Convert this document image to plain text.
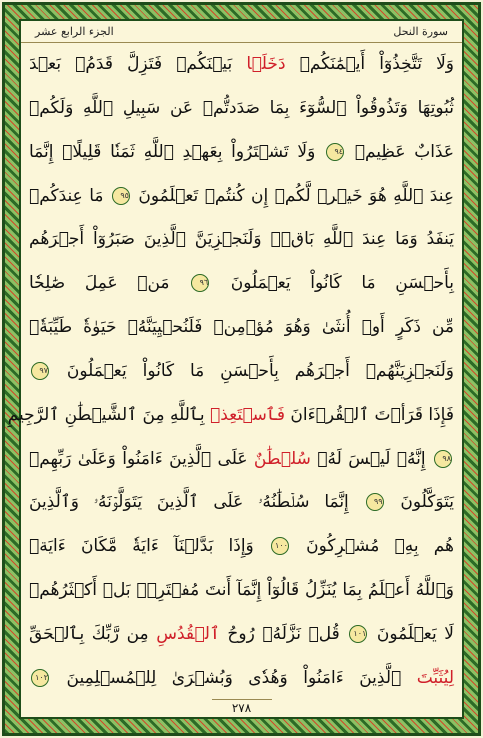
الجزء الرابع عشر	سورة النحل
وَلَا تَتَّخِذُوٓاْ أَيۡمَٰنَكُمۡ دَخَلَۢا بَيۡنَكُمۡ فَتَزِلَّ قَدَمُۢ بَعۡدَ
ثُبُوتِهَا وَتَذُوقُواْ ٱلسُّوٓءَ بِمَا صَدَدتُّمۡ عَن سَبِيلِ ٱللَّهِ وَلَكُمۡ
عَذَابٌ عَظِيمٞ ٩٤ وَلَا تَشۡتَرُواْ بِعَهۡدِ ٱللَّهِ ثَمَنٗا قَلِيلًاۚ إِنَّمَا
عِندَ ٱللَّهِ هُوَ خَيۡرٞ لَّكُمۡ إِن كُنتُمۡ تَعۡلَمُونَ ٩٥ مَا عِندَكُمۡ
يَنفَدُ وَمَا عِندَ ٱللَّهِ بَاقٖۗ وَلَنَجۡزِيَنَّ ٱلَّذِينَ صَبَرُوٓاْ أَجۡرَهُم
بِأَحۡسَنِ مَا كَانُواْ يَعۡمَلُونَ ٩٦ مَنۡ عَمِلَ صَٰلِحٗا
مِّن ذَكَرٍ أَوۡ أُنثَىٰ وَهُوَ مُؤۡمِنٞ فَلَنُحۡيِيَنَّهُۥ حَيَوٰةٗ طَيِّبَةٗۖ
وَلَنَجۡزِيَنَّهُمۡ أَجۡرَهُم بِأَحۡسَنِ مَا كَانُواْ يَعۡمَلُونَ ٩٧
فَإِذَا قَرَأۡتَ ٱلۡقُرۡءَانَ فَٱسۡتَعِذۡ بِٱللَّهِ مِنَ ٱلشَّيۡطَٰنِ ٱلرَّجِيمِ
٩٨ إِنَّهُۥ لَيۡسَ لَهُۥ سُلۡطَٰنٌ عَلَى ٱلَّذِينَ ءَامَنُواْ وَعَلَىٰ رَبِّهِمۡ
يَتَوَكَّلُونَ ٩٩ إِنَّمَا سُلۡطَٰنُهُۥ عَلَى ٱلَّذِينَ يَتَوَلَّوۡنَهُۥ وَٱلَّذِينَ
هُم بِهِۦ مُشۡرِكُونَ ١٠٠ وَإِذَا بَدَّلۡنَآ ءَايَةٗ مَّكَانَ ءَايَةٖ
وَٱللَّهُ أَعۡلَمُ بِمَا يُنَزِّلُ قَالُوٓاْ إِنَّمَآ أَنتَ مُفۡتَرِۭۚ بَلۡ أَكۡثَرُهُمۡ
لَا يَعۡلَمُونَ ١٠١ قُلۡ نَزَّلَهُۥ رُوحُ ٱلۡقُدُسِ مِن رَّبِّكَ بِٱلۡحَقِّ
لِيُثَبِّتَ ٱلَّذِينَ ءَامَنُواْ وَهُدٗى وَبُشۡرَىٰ لِلۡمُسۡلِمِينَ ١٠٢
٢٧٨
